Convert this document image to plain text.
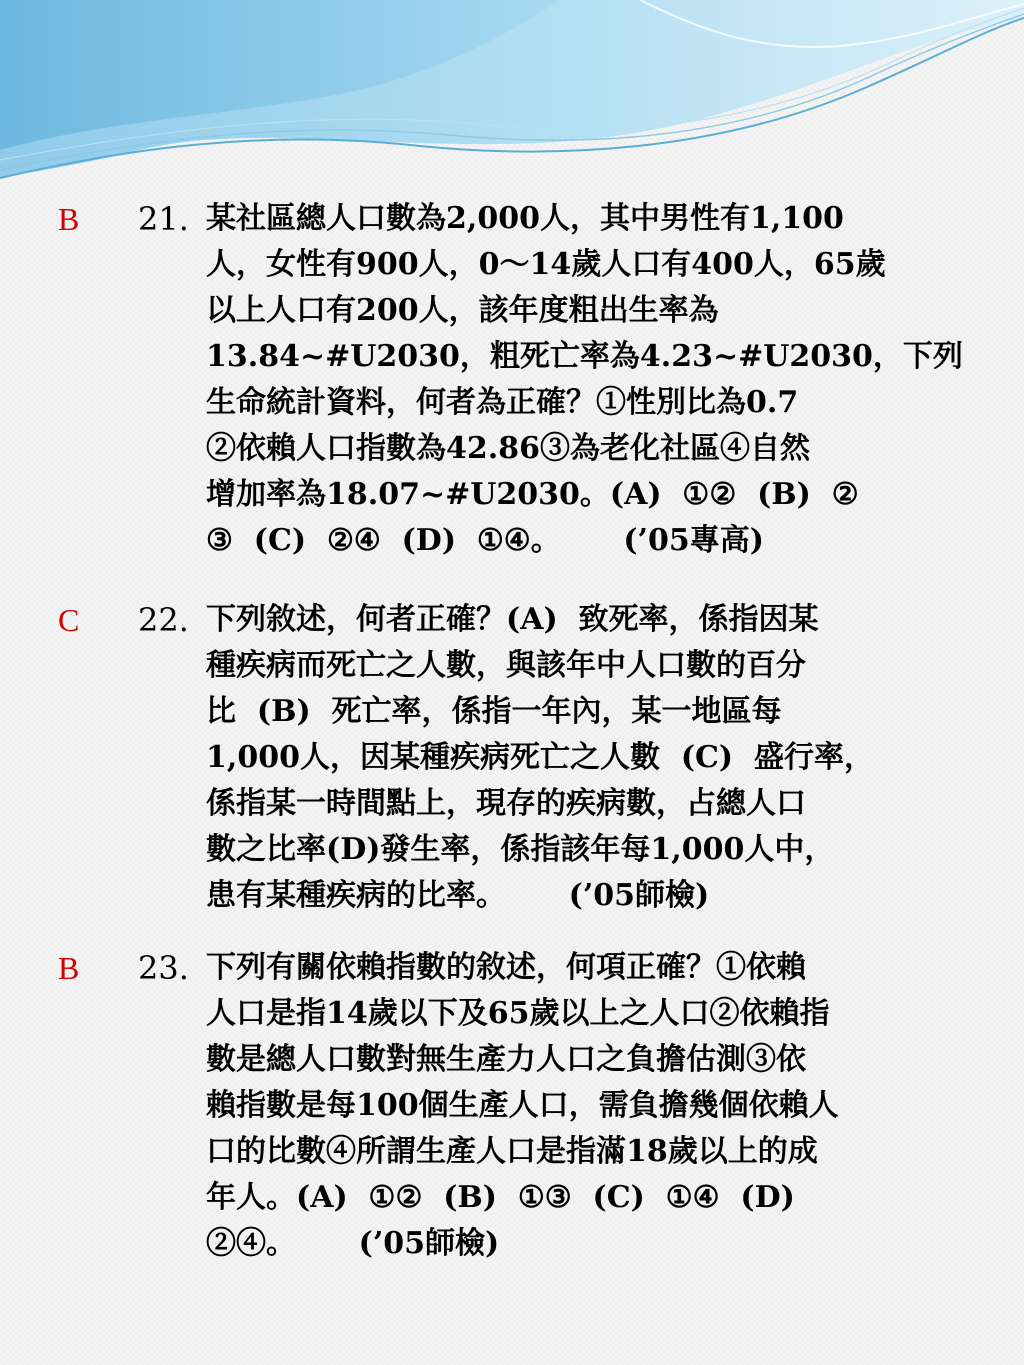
B 21. 某社區總人口數為2,000人，其中男性有1,100
人，女性有900人，0～14歲人口有400人，65歲
以上人口有200人，該年度粗出生率為
13.84~#U2030，粗死亡率為4.23~#U2030，下列
生命統計資料，何者為正確？①性別比為0.7
②依賴人口指數為42.86③為老化社區④自然
增加率為18.07~#U2030。(A)  ①②  (B)  ②
③  (C)  ②④  (D)  ①④。      (’05專高)
C 22. 下列敘述，何者正確？(A)  致死率，係指因某
種疾病而死亡之人數，與該年中人口數的百分
比  (B)  死亡率，係指一年內，某一地區每
1,000人，因某種疾病死亡之人數  (C)  盛行率，
係指某一時間點上，現存的疾病數，占總人口
數之比率(D)發生率，係指該年每1,000人中，
患有某種疾病的比率。      (’05師檢)
B 23. 下列有關依賴指數的敘述，何項正確？①依賴
人口是指14歲以下及65歲以上之人口②依賴指
數是總人口數對無生產力人口之負擔估測③依
賴指數是每100個生產人口，需負擔幾個依賴人
口的比數④所謂生產人口是指滿18歲以上的成
年人。(A)  ①②  (B)  ①③  (C)  ①④  (D)
②④。      (’05師檢)
